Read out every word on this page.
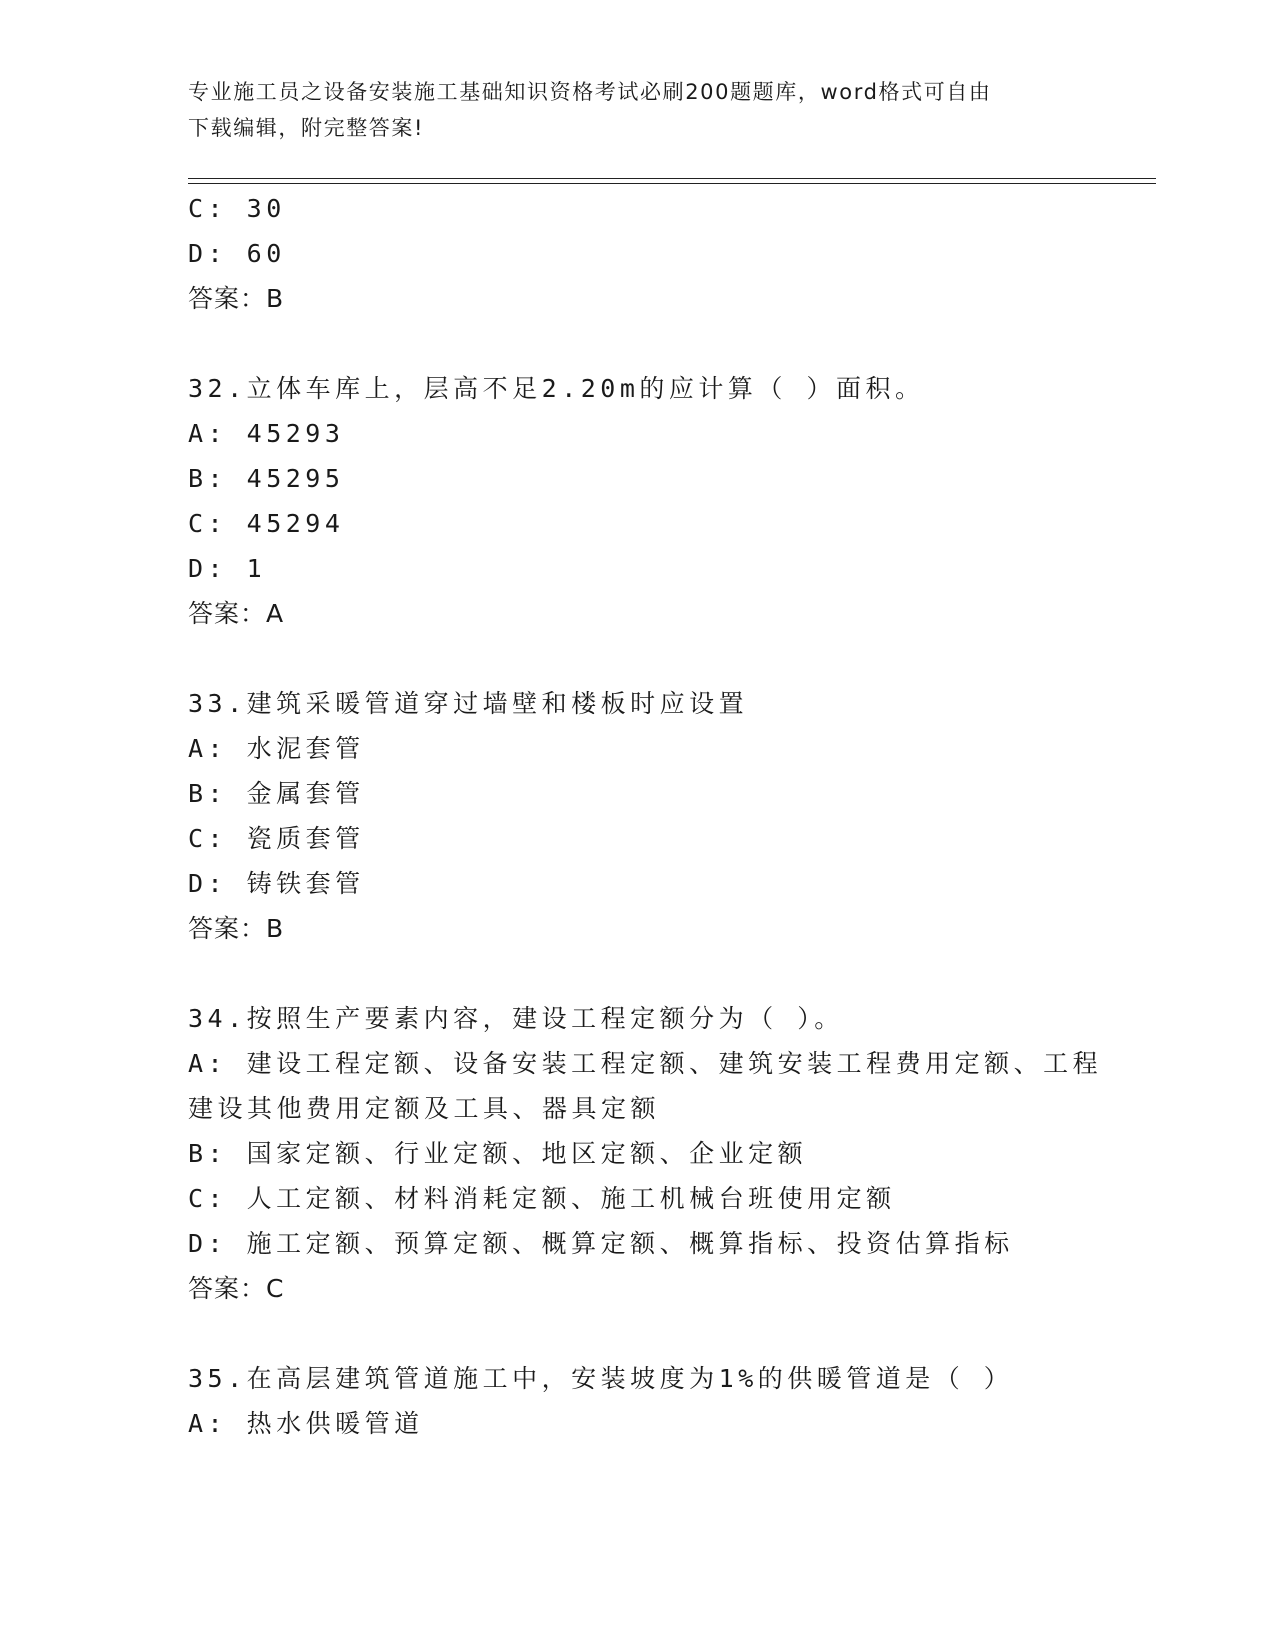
专业施工员之设备安装施工基础知识资格考试必刷200题题库，word格式可自由
下载编辑，附完整答案!
C: 30
D: 60
答案：B
32.立体车库上，层高不足2.20m的应计算（ ）面积。
A: 45293
B: 45295
C: 45294
D: 1
答案：A
33.建筑采暖管道穿过墙壁和楼板时应设置
A: 水泥套管
B: 金属套管
C: 瓷质套管
D: 铸铁套管
答案：B
34.按照生产要素内容，建设工程定额分为（ ）。
A: 建设工程定额、设备安装工程定额、建筑安装工程费用定额、工程
建设其他费用定额及工具、器具定额
B: 国家定额、行业定额、地区定额、企业定额
C: 人工定额、材料消耗定额、施工机械台班使用定额
D: 施工定额、预算定额、概算定额、概算指标、投资估算指标
答案：C
35.在高层建筑管道施工中，安装坡度为1%的供暖管道是（ ）
A: 热水供暖管道
